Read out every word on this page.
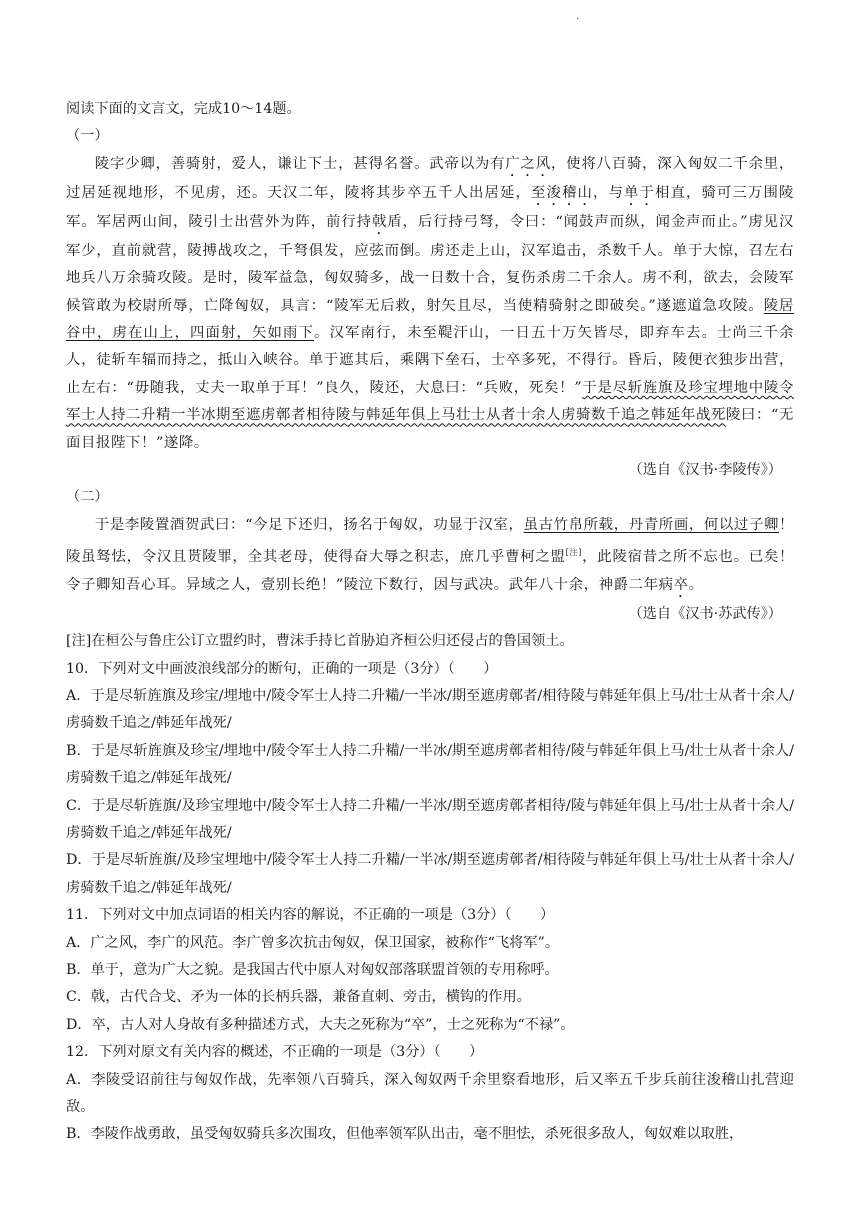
·

阅读下面的文言文，完成10～14题。

（一）

陵字少卿，善骑射，爱人，谦让下士，甚得名誉。武帝以为有广之风，使将八百骑，深入匈奴二千余里，过居延视地形，不见虏，还。天汉二年，陵将其步卒五千人出居延，至浚稽山，与单于相直，骑可三万围陵军。军居两山间，陵引士出营外为阵，前行持戟盾，后行持弓弩，令曰：“闻鼓声而纵，闻金声而止。”虏见汉军少，直前就营，陵搏战攻之，千弩俱发，应弦而倒。虏还走上山，汉军追击，杀数千人。单于大惊，召左右地兵八万余骑攻陵。是时，陵军益急，匈奴骑多，战一日数十合，复伤杀虏二千余人。虏不利，欲去，会陵军候管敢为校尉所辱，亡降匈奴，具言：“陵军无后救，射矢且尽，当使精骑射之即破矣。”遂遮道急攻陵。陵居谷中，虏在山上，四面射，矢如雨下。汉军南行，未至鞮汗山，一日五十万矢皆尽，即弃车去。士尚三千余人，徒斩车辐而持之，抵山入峡谷。单于遮其后，乘隅下垒石，士卒多死，不得行。昏后，陵便衣独步出营，止左右：“毋随我，丈夫一取单于耳！”良久，陵还，大息曰：“兵败，死矣！”于是尽斩旌旗及珍宝埋地中陵令军士人持二升精一半冰期至遮虏鄣者相待陵与韩延年俱上马壮士从者十余人虏骑数千追之韩延年战死陵曰：“无面目报陛下！”遂降。

（选自《汉书·李陵传》）

（二）

于是李陵置酒贺武曰：“今足下还归，扬名于匈奴，功显于汉室，虽古竹帛所载，丹青所画，何以过子卿！陵虽驽怯，令汉且贳陵罪，全其老母，使得奋大辱之积志，庶几乎曹柯之盟[注]，此陵宿昔之所不忘也。已矣！令子卿知吾心耳。异域之人，壹别长绝！”陵泣下数行，因与武决。武年八十余，神爵二年病卒。

（选自《汉书·苏武传》）

[注]在桓公与鲁庄公订立盟约时，曹沫手持匕首胁迫齐桓公归还侵占的鲁国领土。

10．下列对文中画波浪线部分的断句，正确的一项是（3分）（　　）

A．于是尽斩旌旗及珍宝/埋地中/陵令军士人持二升糒/一半冰/期至遮虏鄣者/相待陵与韩延年俱上马/壮士从者十余人/虏骑数千追之/韩延年战死/

B．于是尽斩旌旗及珍宝/埋地中/陵令军士人持二升糒/一半冰/期至遮虏鄣者相待/陵与韩延年俱上马/壮士从者十余人/虏骑数千追之/韩延年战死/

C．于是尽斩旌旗/及珍宝埋地中/陵令军士人持二升糒/一半冰/期至遮虏鄣者相待/陵与韩延年俱上马/壮士从者十余人/虏骑数千追之/韩延年战死/

D．于是尽斩旌旗/及珍宝埋地中/陵令军士人持二升糒/一半冰/期至遮虏鄣者/相待陵与韩延年俱上马/壮士从者十余人/虏骑数千追之/韩延年战死/

11．下列对文中加点词语的相关内容的解说，不正确的一项是（3分）（　　）

A．广之风，李广的风范。李广曾多次抗击匈奴，保卫国家，被称作“飞将军”。

B．单于，意为广大之貌。是我国古代中原人对匈奴部落联盟首领的专用称呼。

C．戟，古代合戈、矛为一体的长柄兵器，兼备直刺、旁击，横钩的作用。

D．卒，古人对人身故有多种描述方式，大夫之死称为“卒”，士之死称为“不禄”。

12．下列对原文有关内容的概述，不正确的一项是（3分）（　　）

A．李陵受诏前往与匈奴作战，先率领八百骑兵，深入匈奴两千余里察看地形，后又率五千步兵前往浚稽山扎营迎敌。

B．李陵作战勇敢，虽受匈奴骑兵多次围攻，但他率领军队出击，毫不胆怯，杀死很多敌人，匈奴难以取胜，
